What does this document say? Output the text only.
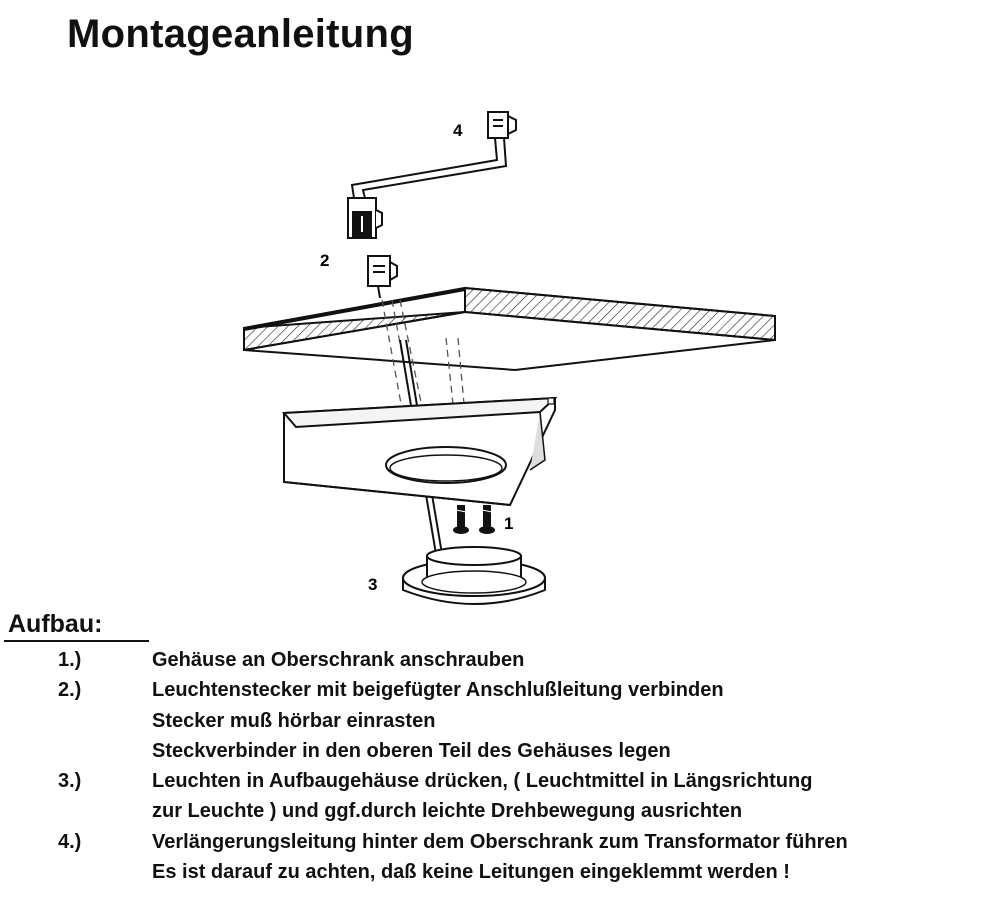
Montageanleitung
4
2
1
3
Aufbau:
1.)	Gehäuse an Oberschrank anschrauben
2.)	Leuchtenstecker mit beigefügter Anschlußleitung verbinden
Stecker muß hörbar einrasten
Steckverbinder in den oberen Teil des Gehäuses legen
3.)	Leuchten in Aufbaugehäuse drücken, ( Leuchtmittel in Längsrichtung
zur Leuchte ) und ggf.durch leichte Drehbewegung ausrichten
4.)	Verlängerungsleitung hinter dem Oberschrank zum Transformator führen
Es ist darauf zu achten, daß keine Leitungen eingeklemmt werden !
